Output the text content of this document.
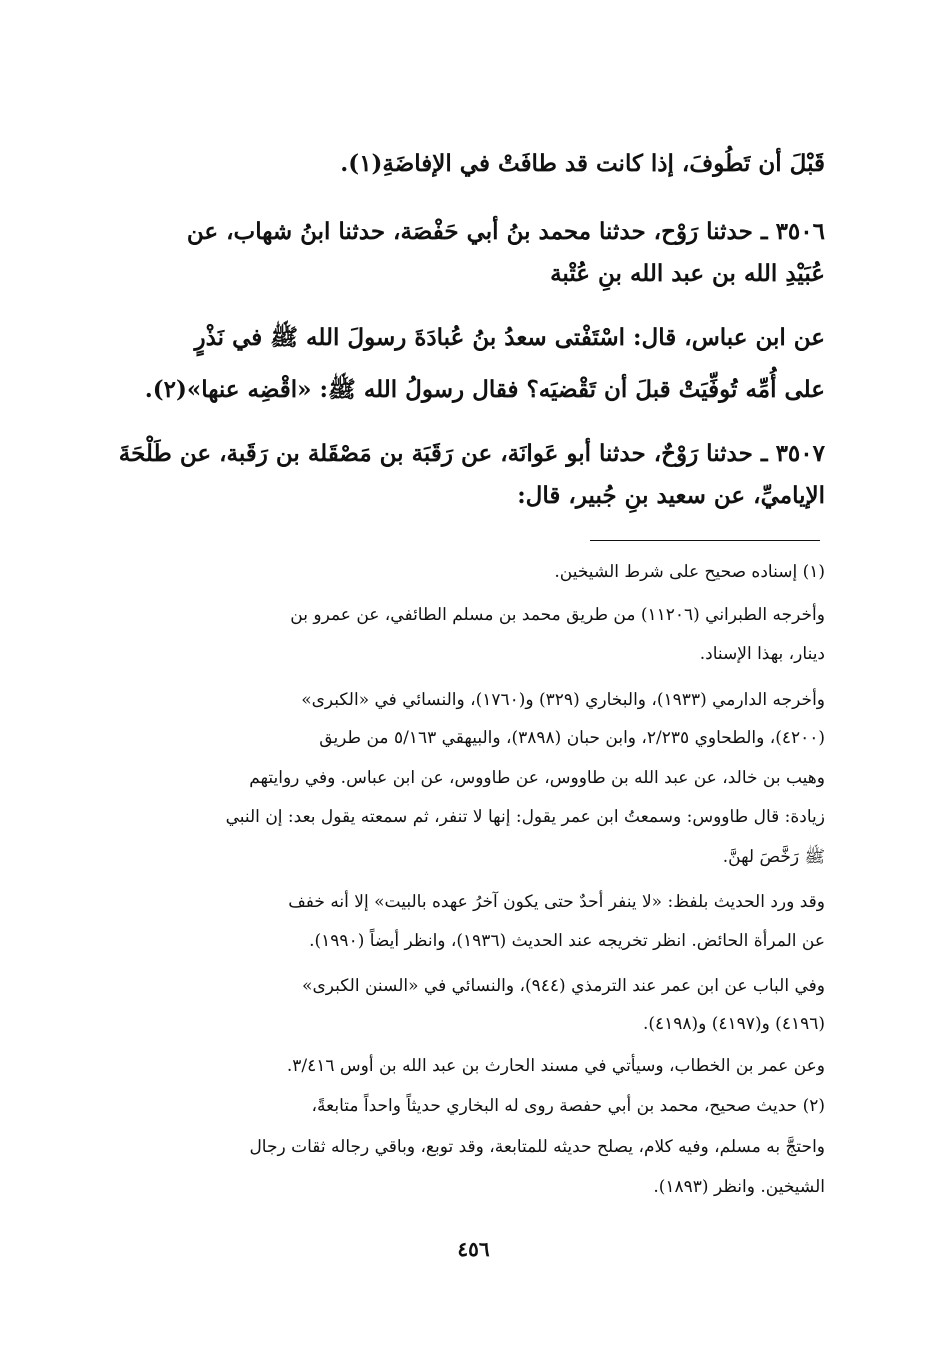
قَبْلَ أن تَطُوفَ، إذا كانت قد طافَتْ في الإفاضَةِ(١).
٣٥٠٦ ـ حدثنا رَوْح، حدثنا محمد بنُ أبي حَفْصَة، حدثنا ابنُ شهاب، عن
عُبَيْدِ الله بن عبد الله بنِ عُتْبة
عن ابن عباس، قال: اسْتَفْتى سعدُ بنُ عُبادَةَ رسولَ الله ﷺ في نَذْرٍ
على أُمِّه تُوفِّيَتْ قبلَ أن تَقْضيَه؟ فقال رسولُ الله ﷺ: «اقْضِه عنها»(٢).
٣٥٠٧ ـ حدثنا رَوْحٌ، حدثنا أبو عَوانَة، عن رَقَبَة بن مَصْقَلة بن رَقَبة، عن طَلْحَةَ
الإياميِّ، عن سعيد بنِ جُبير، قال:
(١) إسناده صحيح على شرط الشيخين.
وأخرجه الطبراني (١١٢٠٦) من طريق محمد بن مسلم الطائفي، عن عمرو بن
دينار، بهذا الإسناد.
وأخرجه الدارمي (١٩٣٣)، والبخاري (٣٢٩) و(١٧٦٠)، والنسائي في «الكبرى»
(٤٢٠٠)، والطحاوي ٢/٢٣٥، وابن حبان (٣٨٩٨)، والبيهقي ٥/١٦٣ من طريق
وهيب بن خالد، عن عبد الله بن طاووس، عن طاووس، عن ابن عباس. وفي روايتهم
زيادة: قال طاووس: وسمعتُ ابن عمر يقول: إنها لا تنفر، ثم سمعته يقول بعد: إن النبي
ﷺ رَخَّصَ لهنَّ.
وقد ورد الحديث بلفظ: «لا ينفر أحدٌ حتى يكون آخرُ عهده بالبيت» إلا أنه خفف
عن المرأة الحائض. انظر تخريجه عند الحديث (١٩٣٦)، وانظر أيضاً (١٩٩٠).
وفي الباب عن ابن عمر عند الترمذي (٩٤٤)، والنسائي في «السنن الكبرى»
(٤١٩٦) و(٤١٩٧) و(٤١٩٨).
وعن عمر بن الخطاب، وسيأتي في مسند الحارث بن عبد الله بن أوس ٣/٤١٦.
(٢) حديث صحيح، محمد بن أبي حفصة روى له البخاري حديثاً واحداً متابعةً،
واحتجَّ به مسلم، وفيه كلام، يصلح حديثه للمتابعة، وقد توبع، وباقي رجاله ثقات رجال
الشيخين. وانظر (١٨٩٣).
٤٥٦
